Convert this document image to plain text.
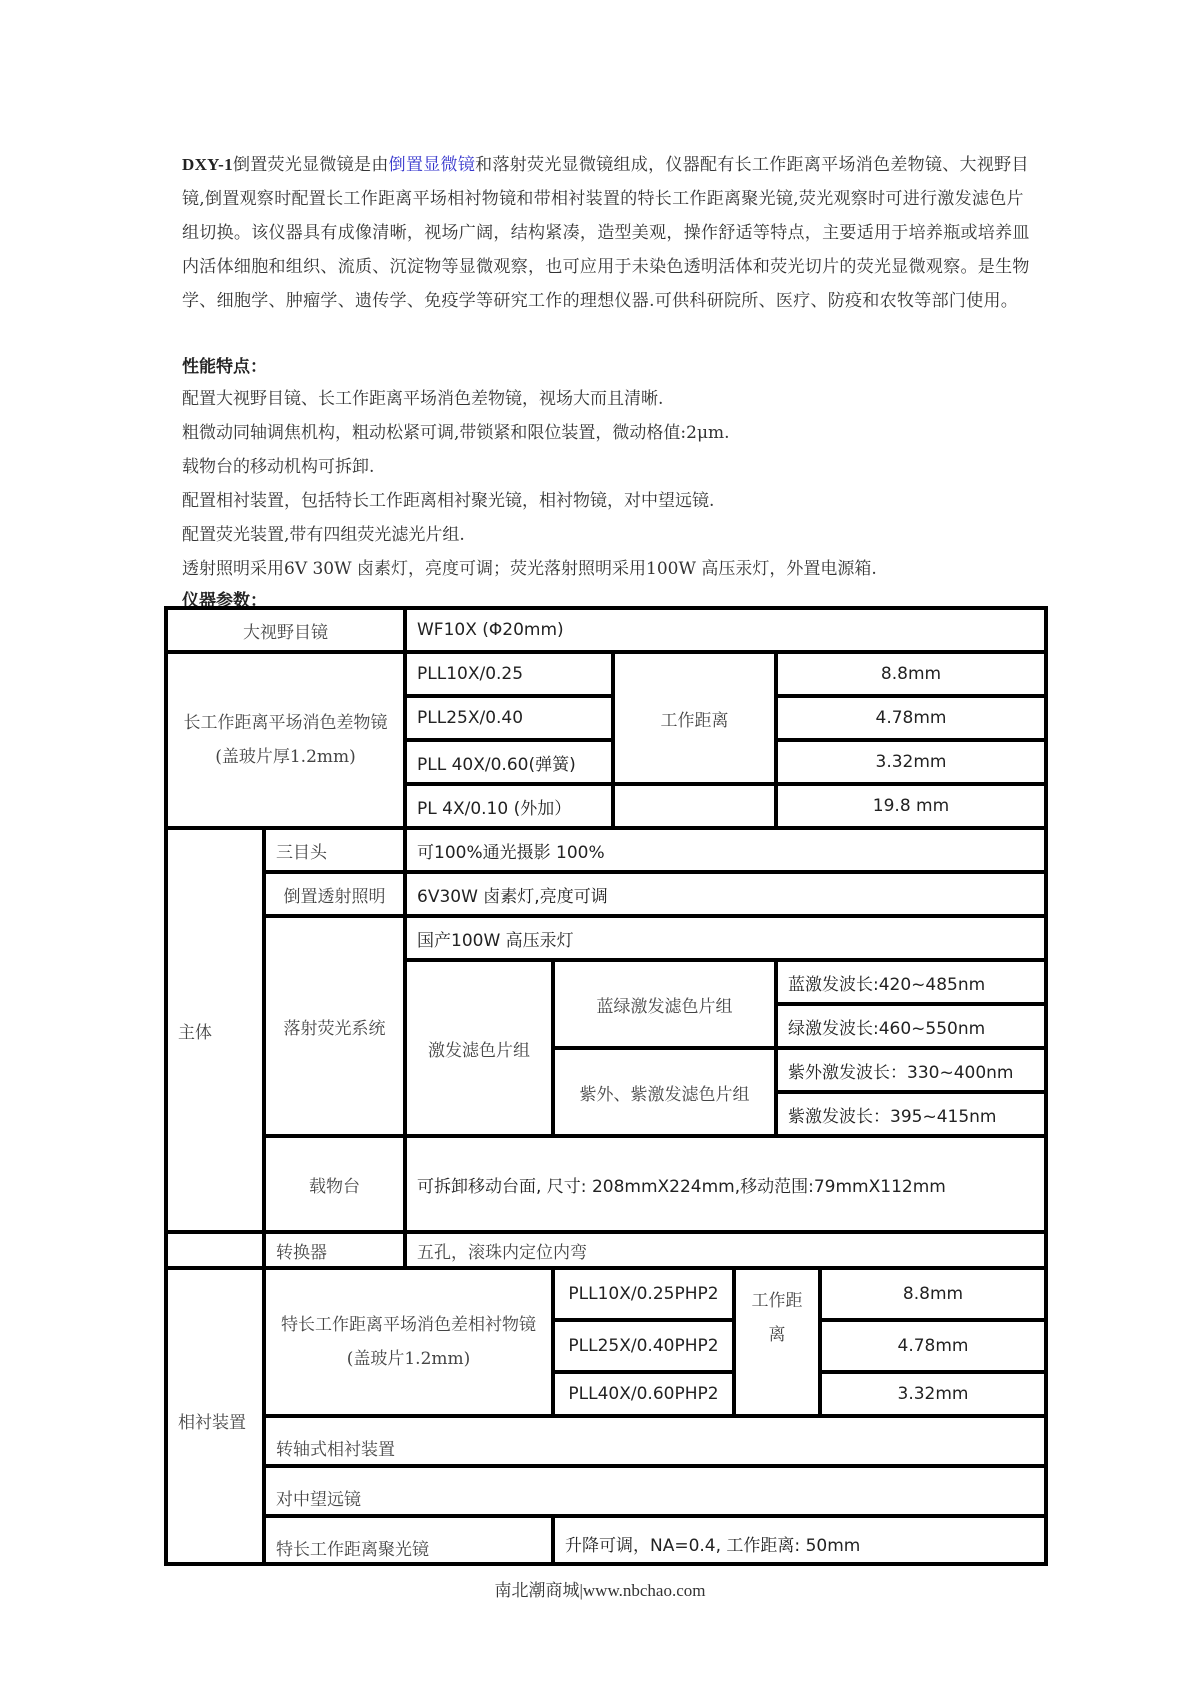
DXY-1倒置荧光显微镜是由倒置显微镜和落射荧光显微镜组成，仪器配有长工作距离平场消色差物镜、大视野目镜,倒置观察时配置长工作距离平场相衬物镜和带相衬装置的特长工作距离聚光镜,荧光观察时可进行激发滤色片组切换。该仪器具有成像清晰，视场广阔，结构紧凑，造型美观，操作舒适等特点，主要适用于培养瓶或培养皿内活体细胞和组织、流质、沉淀物等显微观察，也可应用于未染色透明活体和荧光切片的荧光显微观察。是生物学、细胞学、肿瘤学、遗传学、免疫学等研究工作的理想仪器.可供科研院所、医疗、防疫和农牧等部门使用。
性能特点：
配置大视野目镜、长工作距离平场消色差物镜，视场大而且清晰.
粗微动同轴调焦机构，粗动松紧可调,带锁紧和限位装置，微动格值:2μm.
载物台的移动机构可拆卸.
配置相衬装置，包括特长工作距离相衬聚光镜，相衬物镜，对中望远镜.
配置荧光装置,带有四组荧光滤光片组.
透射照明采用6V 30W 卤素灯，亮度可调；荧光落射照明采用100W 高压汞灯，外置电源箱.
仪器参数：
大视野目镜		WF10X (Φ20mm)			
长工作距离平场消色差物镜
(盖玻片厚1.2mm)		PLL10X/0.25		工作距离	8.8mm
		PLL25X/0.40			4.78mm
		PLL 40X/0.60(弹簧)			3.32mm
		PL 4X/0.10 (外加）			19.8 mm
主体	三目头	可100%通光摄影 100%			
	倒置透射照明	6V30W 卤素灯,亮度可调			
	落射荧光系统	国产100W 高压汞灯			
		激发滤色片组	蓝绿激发滤色片组		蓝激发波长:420~485nm
					绿激发波长:460~550nm
			紫外、紫激发滤色片组		紫外激发波长：330~400nm
					紫激发波长：395~415nm
	载物台	可拆卸移动台面, 尺寸: 208mmX224mm,移动范围:79mmX112mm			
	转换器	五孔，滚珠内定位内弯			
相衬装置	特长工作距离平场消色差相衬物镜(盖玻片1.2mm)		PLL10X/0.25PHP2	工作距离	8.8mm
			PLL25X/0.40PHP2		4.78mm
			PLL40X/0.60PHP2		3.32mm
	转轴式相衬装置				
	对中望远镜				
	特长工作距离聚光镜		升降可调，NA=0.4, 工作距离: 50mm		
南北潮商城|www.nbchao.com
